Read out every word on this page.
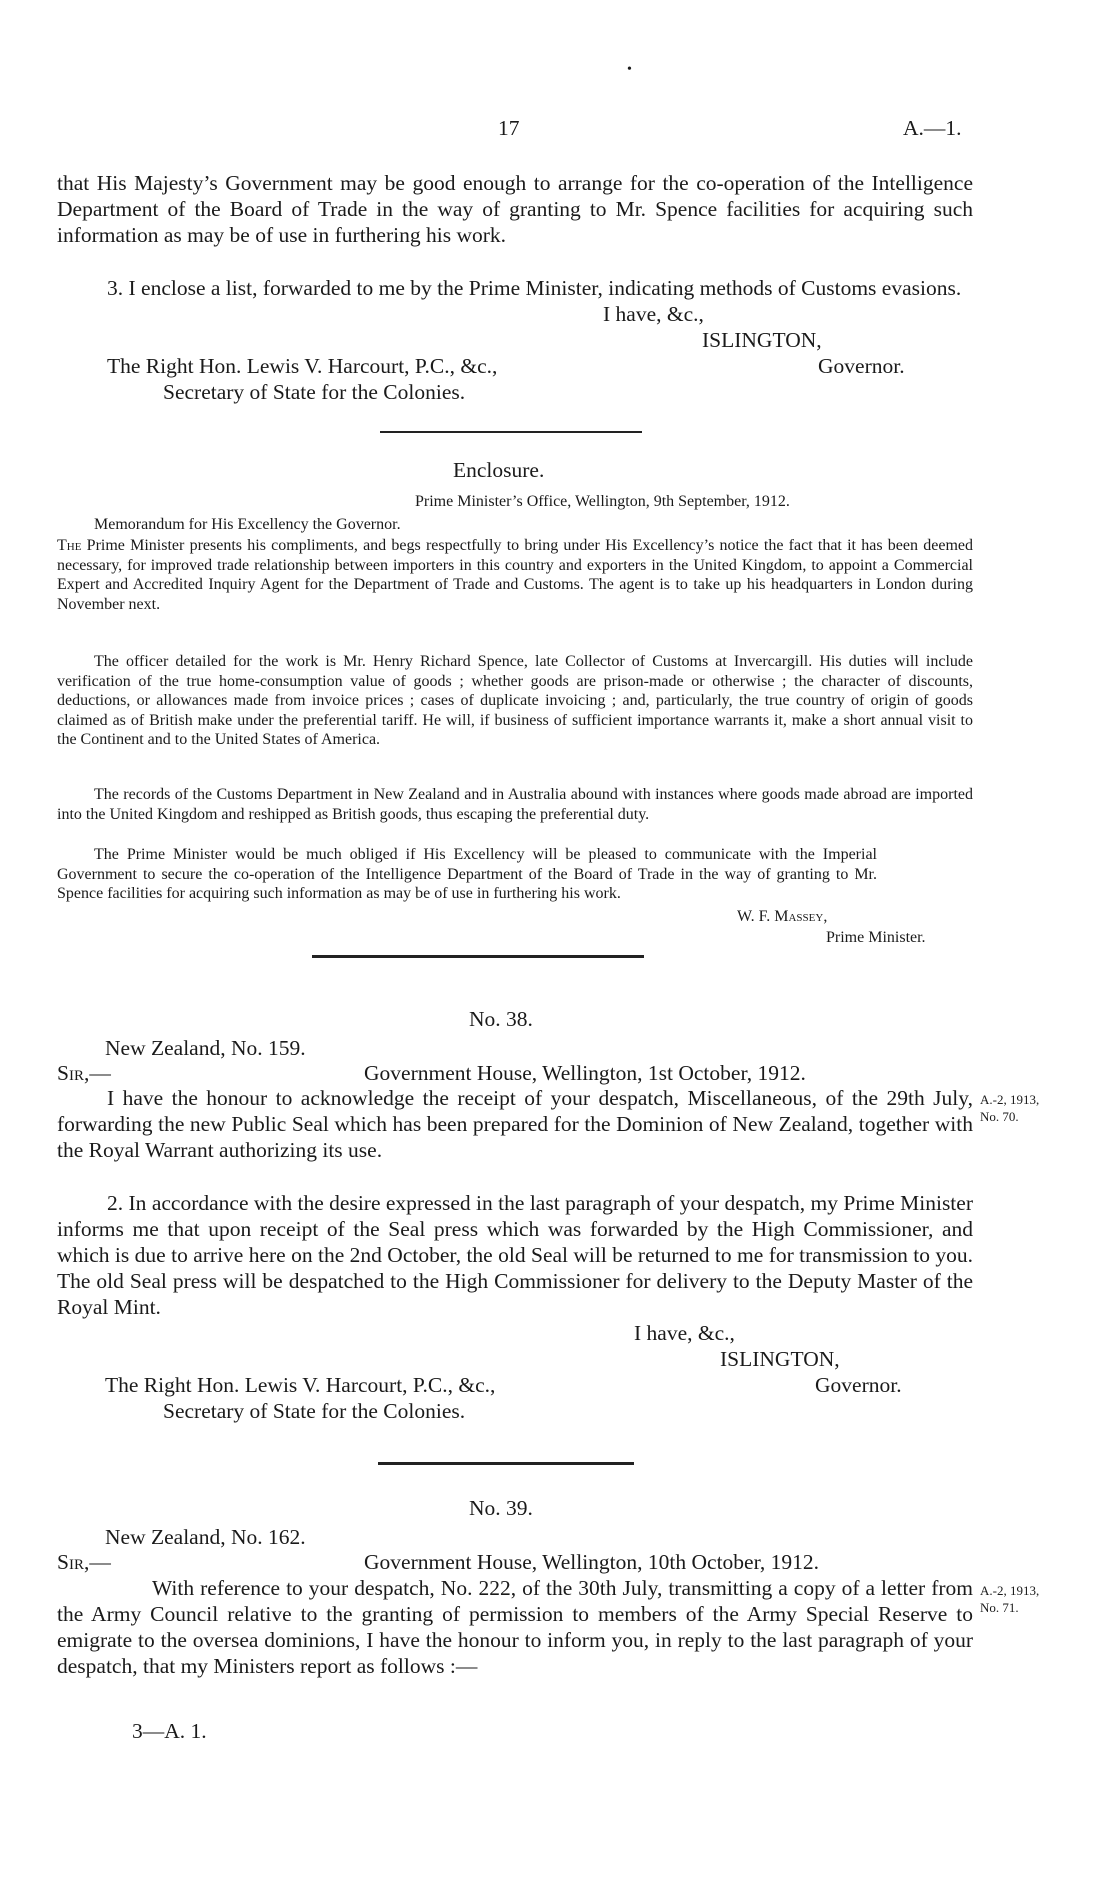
•
17	A.—1.
that His Majesty’s Government may be good enough to arrange for the co-operation of the Intelligence Department of the Board of Trade in the way of granting to Mr. Spence facilities for acquiring such information as may be of use in furthering his work.
3. I enclose a list, forwarded to me by the Prime Minister, indicating methods of Customs evasions.
I have, &c.,
ISLINGTON,
The Right Hon. Lewis V. Harcourt, P.C., &c.,	Governor.
Secretary of State for the Colonies.
Enclosure.
Prime Minister’s Office, Wellington, 9th September, 1912.
Memorandum for His Excellency the Governor.
The Prime Minister presents his compliments, and begs respectfully to bring under His Excellency’s notice the fact that it has been deemed necessary, for improved trade relationship between importers in this country and exporters in the United Kingdom, to appoint a Commercial Expert and Accredited Inquiry Agent for the Department of Trade and Customs. The agent is to take up his headquarters in London during November next.
The officer detailed for the work is Mr. Henry Richard Spence, late Collector of Customs at Invercargill. His duties will include verification of the true home-consumption value of goods ; whether goods are prison-made or otherwise ; the character of discounts, deductions, or allowances made from invoice prices ; cases of duplicate invoicing ; and, particularly, the true country of origin of goods claimed as of British make under the preferential tariff. He will, if business of sufficient importance warrants it, make a short annual visit to the Continent and to the United States of America.
The records of the Customs Department in New Zealand and in Australia abound with instances where goods made abroad are imported into the United Kingdom and reshipped as British goods, thus escaping the preferential duty.
The Prime Minister would be much obliged if His Excellency will be pleased to communicate with the Imperial Government to secure the co-operation of the Intelligence Department of the Board of Trade in the way of granting to Mr. Spence facilities for acquiring such information as may be of use in furthering his work.
W. F. Massey,
Prime Minister.
No. 38.
New Zealand, No. 159.
Sir,—	Government House, Wellington, 1st October, 1912.
I have the honour to acknowledge the receipt of your despatch, Miscellaneous, of the 29th July, forwarding the new Public Seal which has been prepared for the Dominion of New Zealand, together with the Royal Warrant authorizing its use.
A.-2, 1913,
No. 70.
2. In accordance with the desire expressed in the last paragraph of your despatch, my Prime Minister informs me that upon receipt of the Seal press which was forwarded by the High Commissioner, and which is due to arrive here on the 2nd October, the old Seal will be returned to me for transmission to you. The old Seal press will be despatched to the High Commissioner for delivery to the Deputy Master of the Royal Mint.
I have, &c.,
ISLINGTON,
The Right Hon. Lewis V. Harcourt, P.C., &c.,	Governor.
Secretary of State for the Colonies.
No. 39.
New Zealand, No. 162.
Sir,—	Government House, Wellington, 10th October, 1912.
With reference to your despatch, No. 222, of the 30th July, transmitting a copy of a letter from the Army Council relative to the granting of permission to members of the Army Special Reserve to emigrate to the oversea dominions, I have the honour to inform you, in reply to the last paragraph of your despatch, that my Ministers report as follows :—
A.-2, 1913,
No. 71.
3—A. 1.
